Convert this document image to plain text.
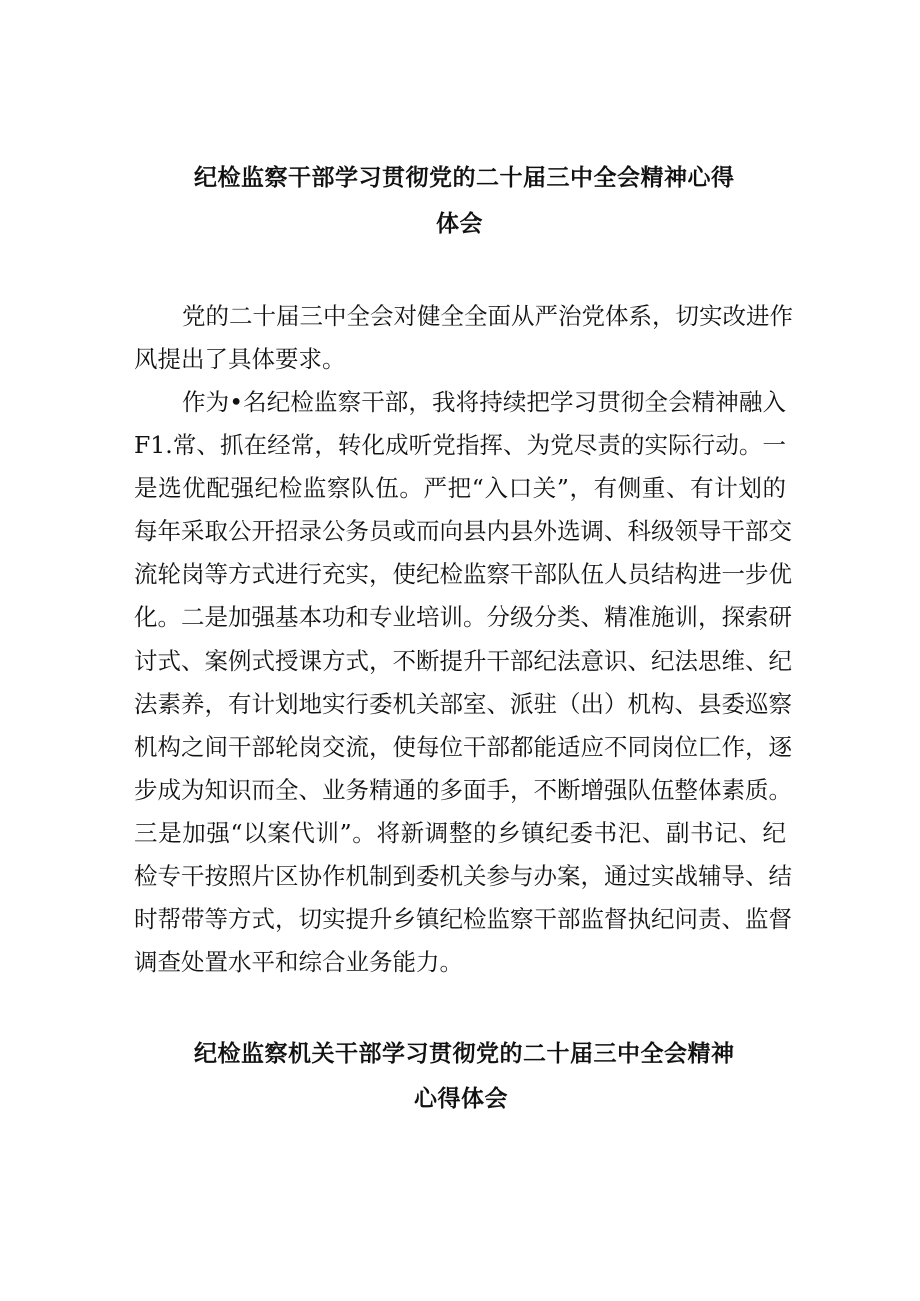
纪检监察干部学习贯彻党的二十届三中全会精神心得
体会
党的二十届三中全会对健全全面从严治党体系，切实改进作
风提出了具体要求。
作为•名纪检监察干部，我将持续把学习贯彻全会精神融入
F1.常、抓在经常，转化成听党指挥、为党尽责的实际行动。一
是选优配强纪检监察队伍。严把“入口关”，有侧重、有计划的
每年采取公开招录公务员或而向县内县外选调、科级领导干部交
流轮岗等方式进行充实，使纪检监察干部队伍人员结构进一步优
化。二是加强基本功和专业培训。分级分类、精准施训，探索研
讨式、案例式授课方式，不断提升干部纪法意识、纪法思维、纪
法素养，有计划地实行委机关部室、派驻（出）机构、县委巡察
机构之间干部轮岗交流，使每位干部都能适应不同岗位匚作，逐
步成为知识而全、业务精通的多面手，不断增强队伍整体素质。
三是加强“以案代训”。将新调整的乡镇纪委书汜、副书记、纪
检专干按照片区协作机制到委机关参与办案，通过实战辅导、结
时帮带等方式，切实提升乡镇纪检监察干部监督执纪问责、监督
调查处置水平和综合业务能力。
纪检监察机关干部学习贯彻党的二十届三中全会精神
心得体会
